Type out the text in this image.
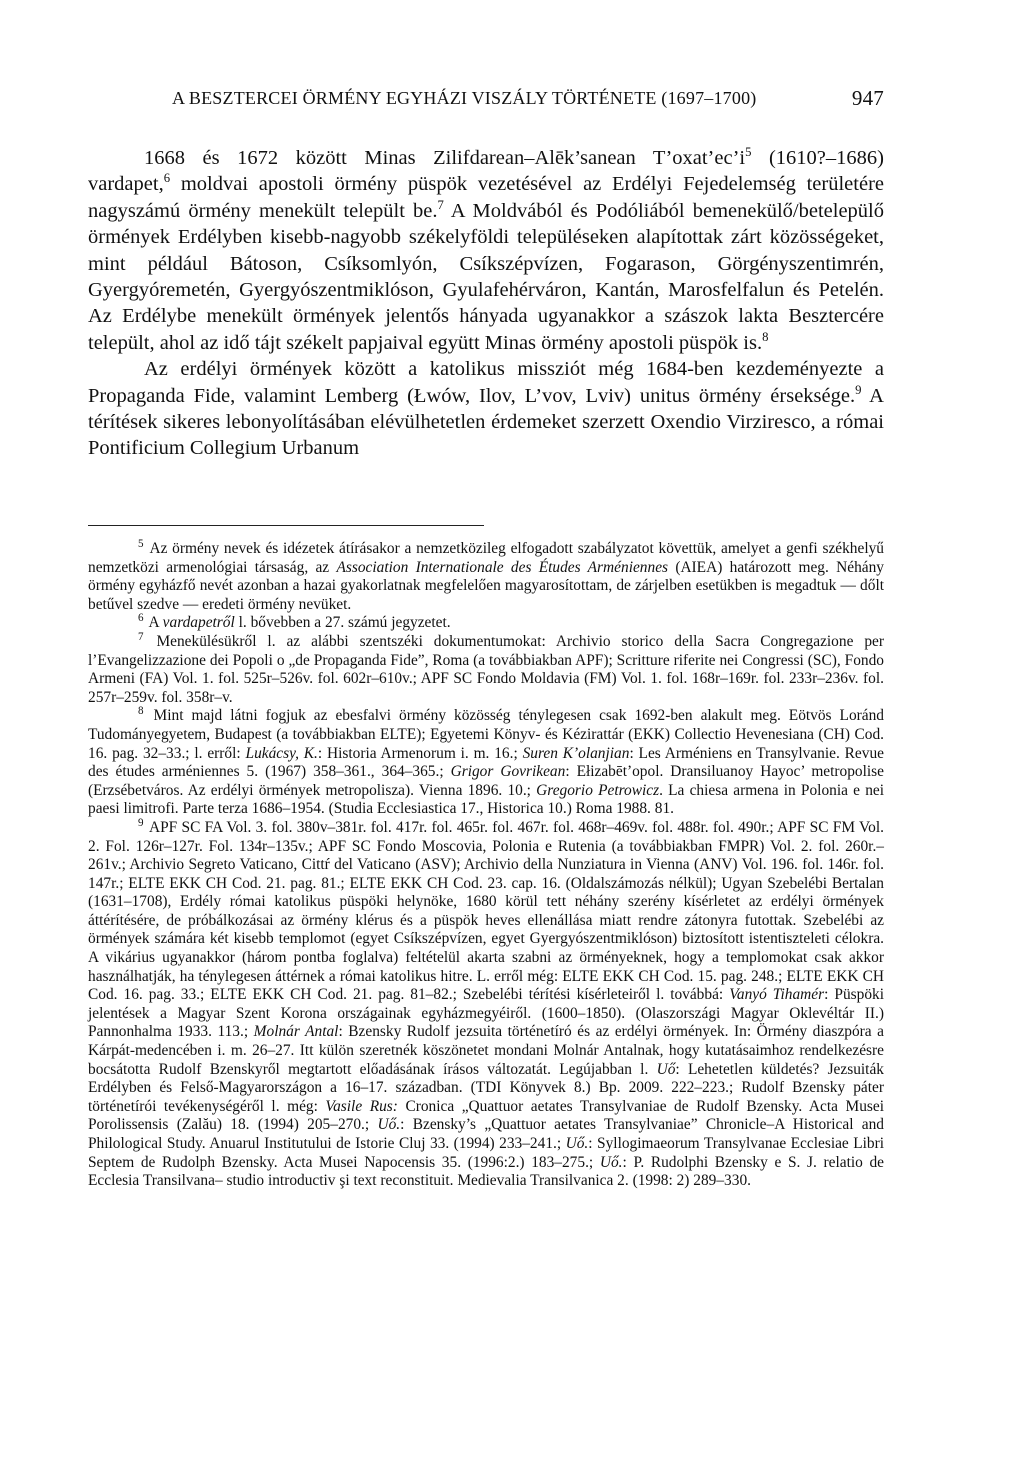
A BESZTERCEI ÖRMÉNY EGYHÁZI VISZÁLY TÖRTÉNETE (1697–1700)	947

1668 és 1672 között Minas Zilifdarean–Alēk’sanean $T’oxat’ec’i^5$ (1610?–1686) vardapet,$^6$ moldvai apostoli örmény püspök vezetésével az Erdélyi Fejedelemség területére nagyszámú örmény menekült települt be.$^7$ A Moldvából és Podóliából bemenekülő/betelepülő örmények Erdélyben kisebb-nagyobb székelyföldi településeken alapítottak zárt közösségeket, mint például Bátoson, Csíksomlyón, Csíkszépvízen, Fogarason, Görgényszentimrén, Gyergyóremetén, Gyergyószentmiklóson, Gyulafehérváron, Kantán, Marosfelfalun és Petelén. Az Erdélybe menekült örmények jelentős hányada ugyanakkor a szászok lakta Besztercére települt, ahol az idő tájt székelt papjaival együtt Minas örmény apostoli püspök is.$^8$

Az erdélyi örmények között a katolikus missziót még 1684-ben kezdeményezte a Propaganda Fide, valamint Lemberg (Łwów, Ilov, L’vov, Lviv) unitus örmény érseksége.$^9$ A térítések sikeres lebonyolításában elévülhetetlen érdemeket szerzett Oxendio Virziresco, a római Pontificium Collegium Urbanum

$^5$ Az örmény nevek és idézetek átírásakor a nemzetközileg elfogadott szabályzatot követtük, amelyet a genfi székhelyű nemzetközi armenológiai társaság, az Association Internationale des Études Arméniennes (AIEA) határozott meg. Néhány örmény egyházfő nevét azonban a hazai gyakorlatnak megfelelően magyarosítottam, de zárjelben esetükben is megadtuk — dőlt betűvel szedve — eredeti örmény nevüket.

$^6$ A vardapetről l. bővebben a 27. számú jegyzetet.

$^7$ Menekülésükről l. az alábbi szentszéki dokumentumokat: Archivio storico della Sacra Congregazione per l’Evangelizzazione dei Popoli o „de Propaganda Fide”, Roma (a továbbiakban APF); Scritture riferite nei Congressi (SC), Fondo Armeni (FA) Vol. 1. fol. 525r–526v. fol. 602r–610v.; APF SC Fondo Moldavia (FM) Vol. 1. fol. 168r–169r. fol. 233r–236v. fol. 257r–259v. fol. 358r–v.

$^8$ Mint majd látni fogjuk az ebesfalvi örmény közösség ténylegesen csak 1692-ben alakult meg. Eötvös Loránd Tudományegyetem, Budapest (a továbbiakban ELTE); Egyetemi Könyv- és Kézirattár (EKK) Collectio Hevenesiana (CH) Cod. 16. pag. 32–33.; l. erről: Lukácsy, K.: Historia Armenorum i. m. 16.; Suren K’olanjian: Les Arméniens en Transylvanie. Revue des études arméniennes 5. (1967) 358–361., 364–365.; Grigor Govrikean: Ełizabēt’opol. Dransiluanoy Hayoc’ metropolise (Erzsébetváros. Az erdélyi örmények metropolisza). Vienna 1896. 10.; Gregorio Petrowicz. La chiesa armena in Polonia e nei paesi limitrofi. Parte terza 1686–1954. (Studia Ecclesiastica 17., Historica 10.) Roma 1988. 81.

$^9$ APF SC FA Vol. 3. fol. 380v–381r. fol. 417r. fol. 465r. fol. 467r. fol. 468r–469v. fol. 488r. fol. 490r.; APF SC FM Vol. 2. Fol. 126r–127r. Fol. 134r–135v.; APF SC Fondo Moscovia, Polonia e Rutenia (a továbbiakban FMPR) Vol. 2. fol. 260r.–261v.; Archivio Segreto Vaticano, Cittŕ del Vaticano (ASV); Archivio della Nunziatura in Vienna (ANV) Vol. 196. fol. 146r. fol. 147r.; ELTE EKK CH Cod. 21. pag. 81.; ELTE EKK CH Cod. 23. cap. 16. (Oldalszámozás nélkül); Ugyan Szebelébi Bertalan (1631–1708), Erdély római katolikus püspöki helynöke, 1680 körül tett néhány szerény kísérletet az erdélyi örmények áttérítésére, de próbálkozásai az örmény klérus és a püspök heves ellenállása miatt rendre zátonyra futottak. Szebelébi az örmények számára két kisebb templomot (egyet Csíkszépvízen, egyet Gyergyószentmiklóson) biztosított istentiszteleti célokra. A vikárius ugyanakkor (három pontba foglalva) feltételül akarta szabni az örményeknek, hogy a templomokat csak akkor használhatják, ha ténylegesen áttérnek a római katolikus hitre. L. erről még: ELTE EKK CH Cod. 15. pag. 248.; ELTE EKK CH Cod. 16. pag. 33.; ELTE EKK CH Cod. 21. pag. 81–82.; Szebelébi térítési kísérleteiről l. továbbá: Vanyó Tihamér: Püspöki jelentések a Magyar Szent Korona országainak egyházmegyéiről. (1600–1850). (Olaszországi Magyar Oklevéltár II.) Pannonhalma 1933. 113.; Molnár Antal: Bzensky Rudolf jezsuita történetíró és az erdélyi örmények. In: Örmény diaszpóra a Kárpát-medencében i. m. 26–27. Itt külön szeretnék köszönetet mondani Molnár Antalnak, hogy kutatásaimhoz rendelkezésre bocsátotta Rudolf Bzenskyről megtartott előadásának írásos változatát. Legújabban l. Uő: Lehetetlen küldetés? Jezsuiták Erdélyben és Felső-Magyarországon a 16–17. században. (TDI Könyvek 8.) Bp. 2009. 222–223.; Rudolf Bzensky páter történetírói tevékenységéről l. még: Vasile Rus: Cronica „Quattuor aetates Transylvaniae de Rudolf Bzensky. Acta Musei Porolissensis (Zalău) 18. (1994) 205–270.; Uő.: Bzensky’s „Quattuor aetates Transylvaniae” Chronicle–A Historical and Philological Study. Anuarul Institutului de Istorie Cluj 33. (1994) 233–241.; Uő.: Syllogimaeorum Transylvanae Ecclesiae Libri Septem de Rudolph Bzensky. Acta Musei Napocensis 35. (1996:2.) 183–275.; Uő.: P. Rudolphi Bzensky e S. J. relatio de Ecclesia Transilvana– studio introductiv şi text reconstituit. Medievalia Transilvanica 2. (1998: 2) 289–330.
